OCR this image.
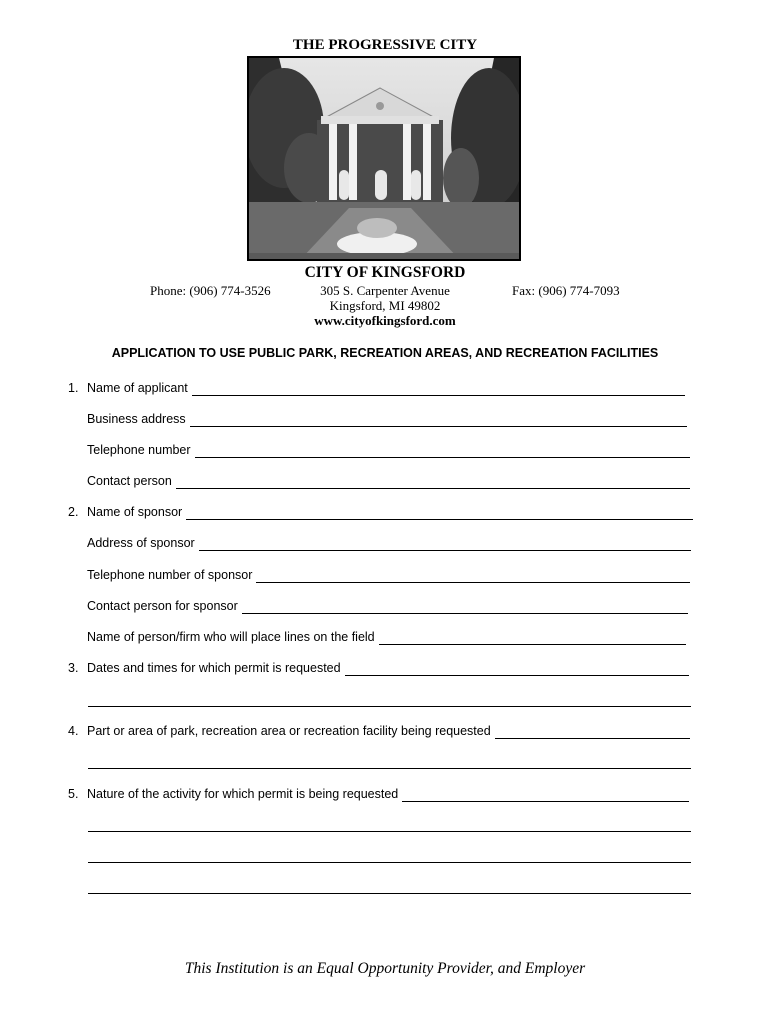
THE PROGRESSIVE CITY
CITY OF KINGSFORD
Phone: (906) 774-3526	305 S. Carpenter Avenue	Fax: (906) 774-7093
Kingsford, MI 49802
www.cityofkingsford.com
APPLICATION TO USE PUBLIC PARK, RECREATION AREAS, AND RECREATION FACILITIES
1. Name of applicant
Business address
Telephone number
Contact person
2. Name of sponsor
Address of sponsor
Telephone number of sponsor
Contact person for sponsor
Name of person/firm who will place lines on the field
3. Dates and times for which permit is requested
4. Part or area of park, recreation area or recreation facility being requested
5. Nature of the activity for which permit is being requested
This Institution is an Equal Opportunity Provider, and Employer
